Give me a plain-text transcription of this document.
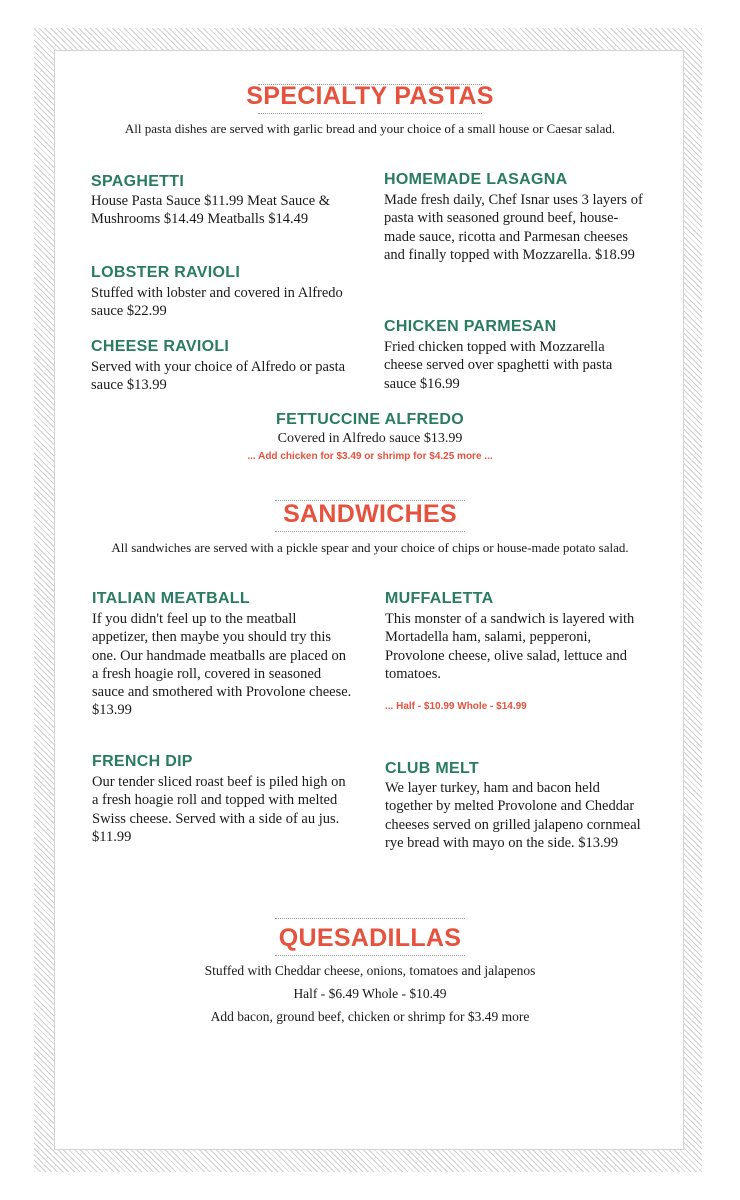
SPECIALTY PASTAS

All pasta dishes are served with garlic bread and your choice of a small house or Caesar salad.

SPAGHETTI

House Pasta Sauce $11.99 Meat Sauce & Mushrooms $14.49 Meatballs $14.49

LOBSTER RAVIOLI

Stuffed with lobster and covered in Alfredo sauce $22.99

CHEESE RAVIOLI

Served with your choice of Alfredo or pasta sauce $13.99

HOMEMADE LASAGNA

Made fresh daily, Chef Isnar uses 3 layers of pasta with seasoned ground beef, house-made sauce, ricotta and Parmesan cheeses and finally topped with Mozzarella. $18.99

CHICKEN PARMESAN

Fried chicken topped with Mozzarella cheese served over spaghetti with pasta sauce $16.99

FETTUCCINE ALFREDO

Covered in Alfredo sauce $13.99

... Add chicken for $3.49 or shrimp for $4.25 more ...

SANDWICHES

All sandwiches are served with a pickle spear and your choice of chips or house-made potato salad.

ITALIAN MEATBALL

If you didn't feel up to the meatball appetizer, then maybe you should try this one. Our handmade meatballs are placed on a fresh hoagie roll, covered in seasoned sauce and smothered with Provolone cheese. $13.99

FRENCH DIP

Our tender sliced roast beef is piled high on a fresh hoagie roll and topped with melted Swiss cheese. Served with a side of au jus. $11.99

MUFFALETTA

This monster of a sandwich is layered with Mortadella ham, salami, pepperoni, Provolone cheese, olive salad, lettuce and tomatoes.

... Half - $10.99 Whole - $14.99

CLUB MELT

We layer turkey, ham and bacon held together by melted Provolone and Cheddar cheeses served on grilled jalapeno cornmeal rye bread with mayo on the side. $13.99

QUESADILLAS

Stuffed with Cheddar cheese, onions, tomatoes and jalapenos

Half - $6.49 Whole - $10.49

Add bacon, ground beef, chicken or shrimp for $3.49 more
